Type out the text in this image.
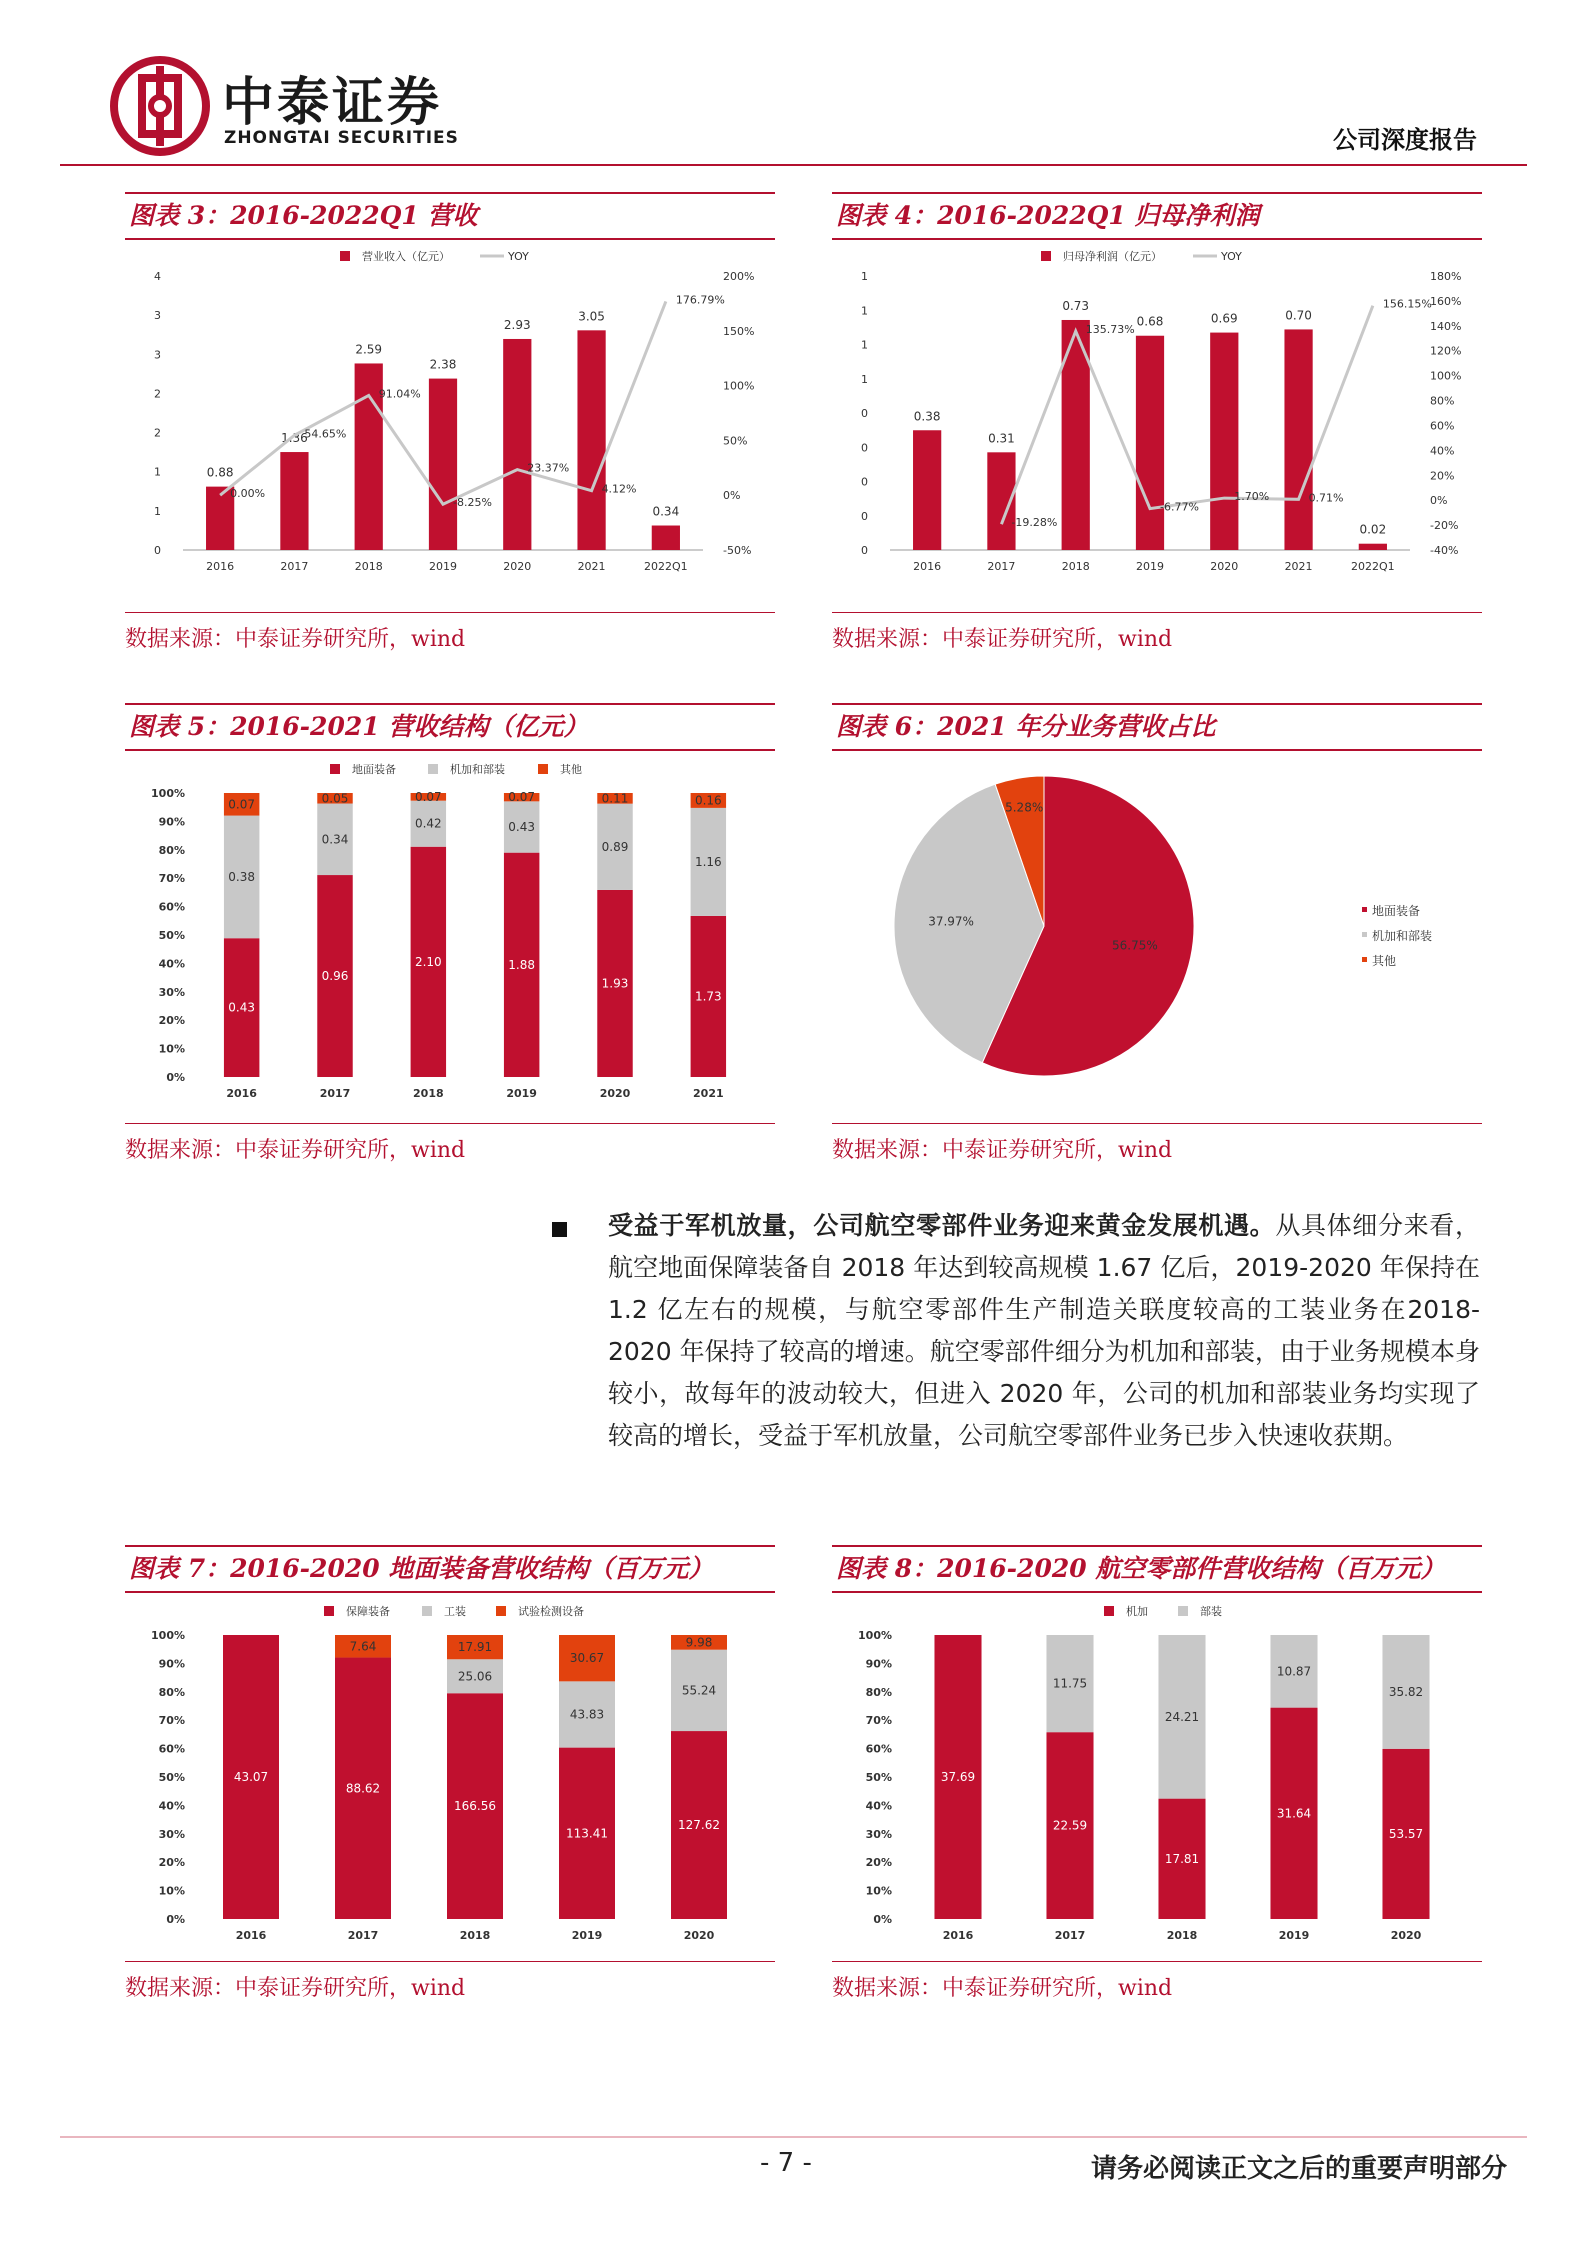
中泰证券
ZHONGTAI SECURITIES	公司深度报告
图表 3：2016-2022Q1 营收
营业收入（亿元）	YOY
0
1
1
2
2
3
3
4
-50%
0%
50%
100%
150%
200%
0.88
2016
1.36
2017
2.59
2018
2.38
2019
2.93
2020
3.05
2021
0.34
2022Q1
0.00%
54.65%
91.04%
-8.25%
23.37%
4.12%
176.79%
数据来源：中泰证券研究所，wind
图表 4：2016-2022Q1 归母净利润
归母净利润（亿元）	YOY
0
0
0
0
0
1
1
1
1
-40%
-20%
0%
20%
40%
60%
80%
100%
120%
140%
160%
180%
0.38
2016
0.31
2017
0.73
2018
0.68
2019
0.69
2020
0.70
2021
0.02
2022Q1
-19.28%
135.73%
-6.77%
1.70%	0.71%
156.15%
数据来源：中泰证券研究所，wind
图表 5：2016-2021 营收结构（亿元）
地面装备	机加和部装	其他
0%
10%
20%
30%
40%
50%
60%
70%
80%
90%
100%
0.43
0.38
0.07
2016
0.96
0.34
0.05
2017
2.10
0.42
0.07
2018
1.88
0.43
0.07
2019
1.93
0.89
0.11
2020
1.73
1.16
0.16
2021
数据来源：中泰证券研究所，wind
图表 6：2021 年分业务营收占比
56.75%
37.97%
5.28%
地面装备
机加和部装
其他
数据来源：中泰证券研究所，wind
受益于军机放量，公司航空零部件业务迎来黄金发展机遇。从具体细分来看，航空地面保障装备自 2018 年达到较高规模 1.67 亿后，2019-2020 年保持在 1.2 亿左右的规模，与航空零部件生产制造关联度较高的工装业务在2018-2020 年保持了较高的增速。航空零部件细分为机加和部装，由于业务规模本身较小，故每年的波动较大，但进入 2020 年，公司的机加和部装业务均实现了较高的增长，受益于军机放量，公司航空零部件业务已步入快速收获期。
图表 7：2016-2020 地面装备营收结构（百万元）
保障装备	工装	试验检测设备
0%
10%
20%
30%
40%
50%
60%
70%
80%
90%
100%
43.07
2016
88.62
7.64
2017
166.56
25.06
17.91
2018
113.41
43.83
30.67
2019
127.62
55.24
9.98
2020
数据来源：中泰证券研究所，wind
图表 8：2016-2020 航空零部件营收结构（百万元）
机加	部装
0%
10%
20%
30%
40%
50%
60%
70%
80%
90%
100%
37.69
2016
22.59
11.75
2017
17.81
24.21
2018
31.64
10.87
2019
53.57
35.82
2020
数据来源：中泰证券研究所，wind
- 7 -	请务必阅读正文之后的重要声明部分
